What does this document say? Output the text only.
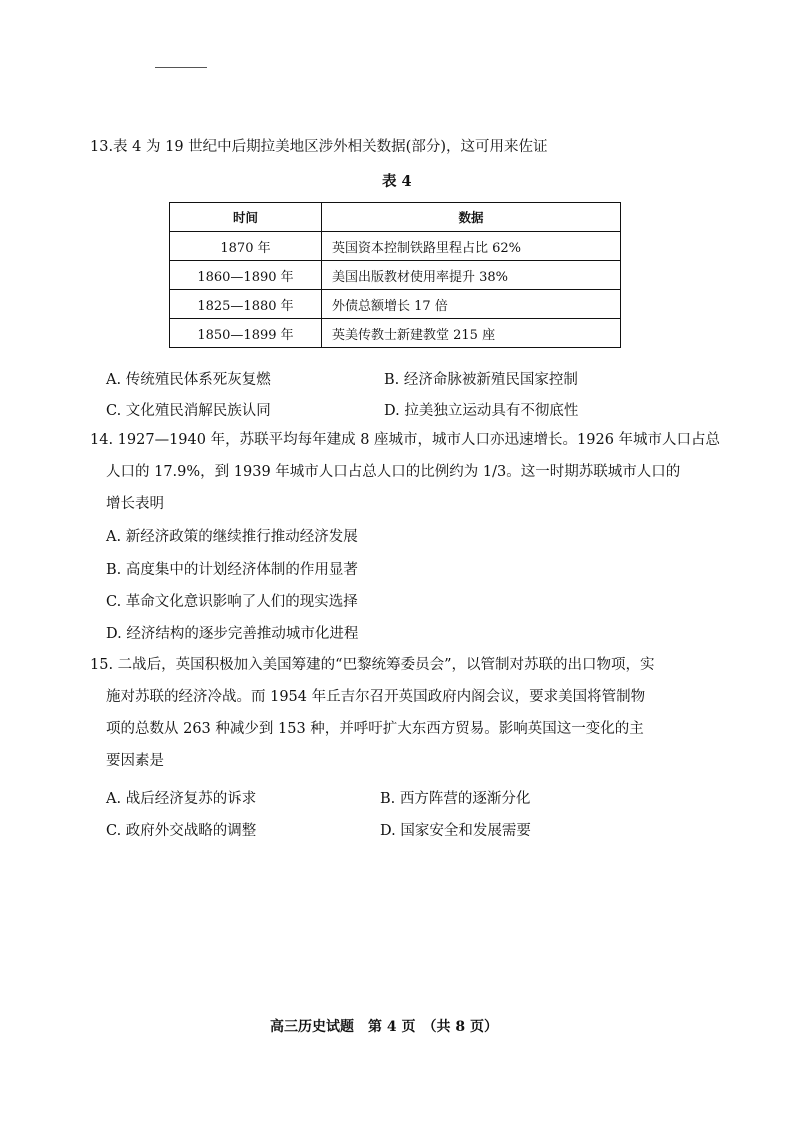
13.表 4 为 19 世纪中后期拉美地区涉外相关数据(部分)，这可用来佐证
表 4
时间	数据
1870 年	英国资本控制铁路里程占比 62%
1860—1890 年	美国出版教材使用率提升 38%
1825—1880 年	外债总额增长 17 倍
1850—1899 年	英美传教士新建教堂 215 座
A. 传统殖民体系死灰复燃	B. 经济命脉被新殖民国家控制
C. 文化殖民消解民族认同	D. 拉美独立运动具有不彻底性
14. 1927—1940 年，苏联平均每年建成 8 座城市，城市人口亦迅速增长。1926 年城市人口占总
人口的 17.9%，到 1939 年城市人口占总人口的比例约为 1/3。这一时期苏联城市人口的
增长表明
A. 新经济政策的继续推行推动经济发展
B. 高度集中的计划经济体制的作用显著
C. 革命文化意识影响了人们的现实选择
D. 经济结构的逐步完善推动城市化进程
15. 二战后，英国积极加入美国筹建的“巴黎统筹委员会”，以管制对苏联的出口物项，实
施对苏联的经济冷战。而 1954 年丘吉尔召开英国政府内阁会议，要求美国将管制物
项的总数从 263 种减少到 153 种，并呼吁扩大东西方贸易。影响英国这一变化的主
要因素是
A. 战后经济复苏的诉求	B. 西方阵营的逐渐分化
C. 政府外交战略的调整	D. 国家安全和发展需要
高三历史试题　第 4 页　（共 8 页）
